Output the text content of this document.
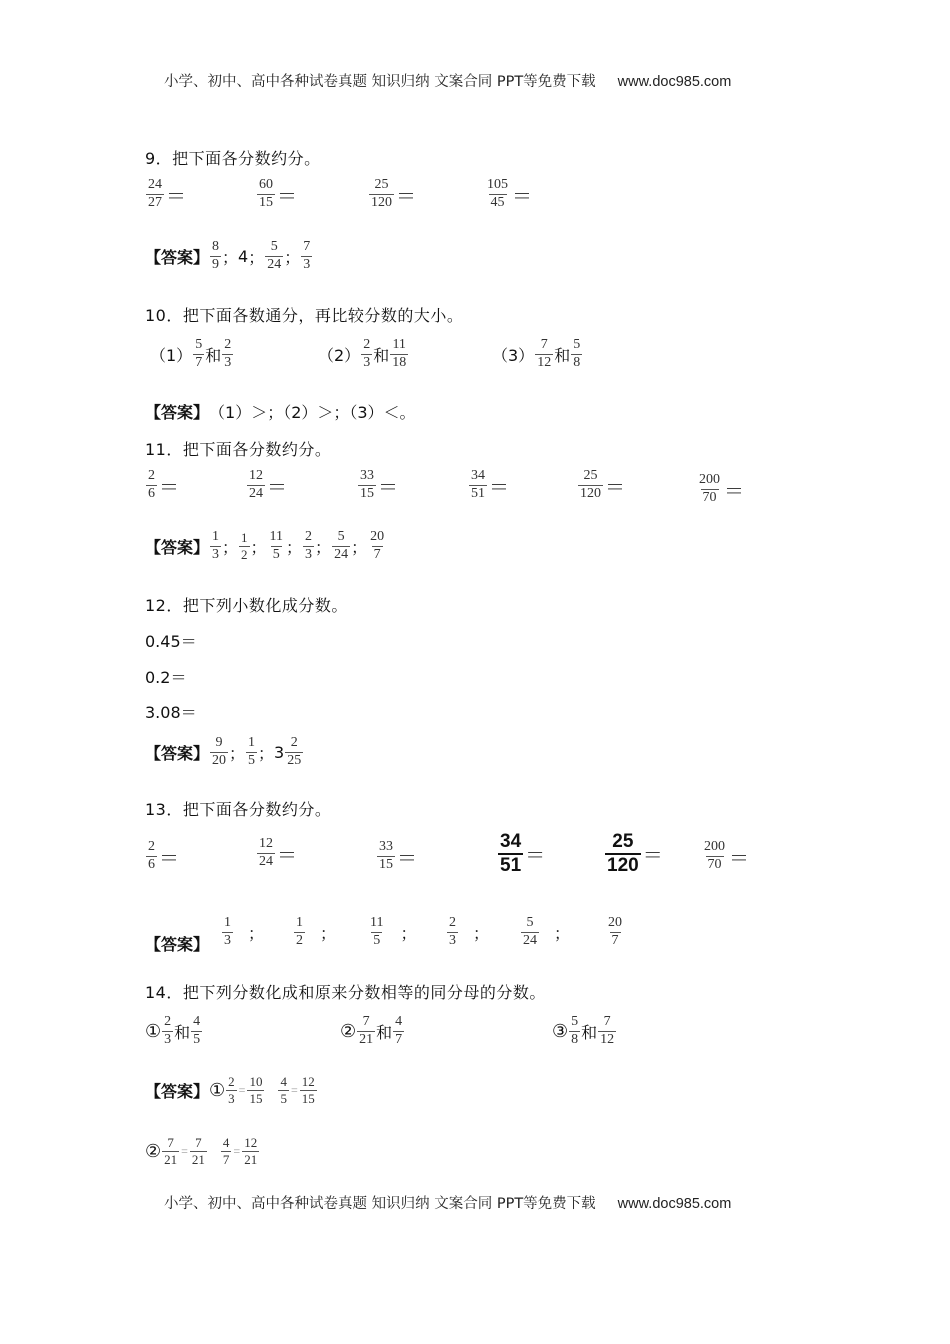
小学、初中、高中各种试卷真题 知识归纳 文案合同 PPT等免费下载 www.doc985.com
9．把下面各分数约分。
$\frac{24}{27}$ ＝	$\frac{60}{15}$ ＝	$\frac{25}{120}$ ＝	$\frac{105}{45}$ ＝
【答案】 $\frac{8}{9}$ ； 4 ； $\frac{5}{24}$ ； $\frac{7}{3}$
10．把下面各数通分，再比较分数的大小。
$(1) \frac{5}{7}$ 和 $\frac{2}{3}$	$(2) \frac{2}{3}$ 和 $\frac{11}{18}$	$(3) \frac{7}{12}$ 和 $\frac{5}{8}$
【答案】 （1）＞；（2）＞；（3）＜。
11．把下面各分数约分。
$\frac{2}{6}$ ＝	$\frac{12}{24}$ ＝	$\frac{33}{15}$ ＝	$\frac{34}{51}$ ＝	$\frac{25}{120}$ ＝	$\frac{200}{70}$ ＝
【答案】 $\frac{1}{3}$ ； $\frac{1}{2}$ ； $\frac{11}{5}$ ； $\frac{2}{3}$ ； $\frac{5}{24}$ ； $\frac{20}{7}$
12．把下列小数化成分数。
0.45＝
0.2＝
3.08＝
【答案】 $\frac{9}{20}$ ； $\frac{1}{5}$ ； $3 \frac{2}{25}$
13．把下面各分数约分。
$\frac{2}{6}$ ＝	$\frac{12}{24}$ ＝	$\frac{33}{15}$ ＝	$\frac{34}{51}$ ＝	$\frac{25}{120}$ ＝	$\frac{200}{70}$ ＝
【答案】 $\frac{1}{3}$ ； $\frac{1}{2}$ ； $\frac{11}{5}$ ； $\frac{2}{3}$ ； $\frac{5}{24}$ ；	$\frac{20}{7}$
14．把下列分数化成和原来分数相等的同分母的分数。
① $\frac{2}{3}$ 和 $\frac{4}{5}$	② $\frac{7}{21}$ 和 $\frac{4}{7}$	③ $\frac{5}{8}$ 和 $\frac{7}{12}$
【答案】 ① $\frac{2}{3} = \frac{10}{15} \frac{4}{5} = \frac{12}{15}$
② $\frac{7}{21} = \frac{7}{21} \frac{4}{7} = \frac{12}{21}$
小学、初中、高中各种试卷真题 知识归纳 文案合同 PPT等免费下载 www.doc985.com
